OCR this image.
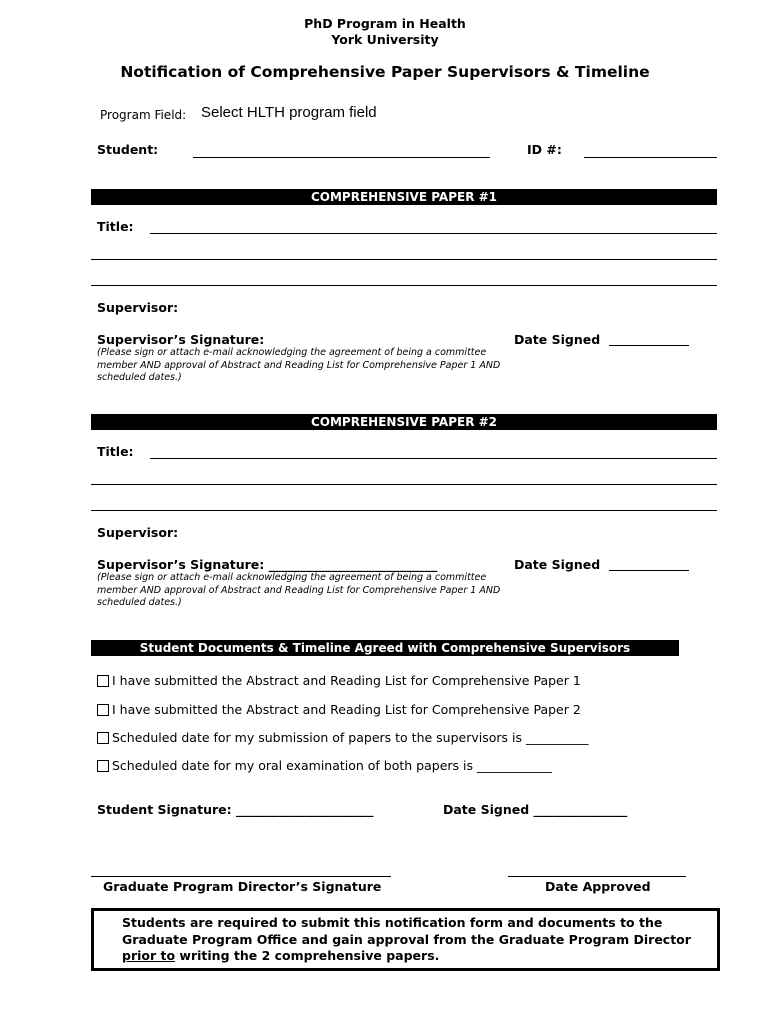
PhD Program in Health
York University
Notification of Comprehensive Paper Supervisors & Timeline
Program Field: Select HLTH program field
Student:	ID #:
COMPREHENSIVE PAPER #1
Title:
Supervisor:
Supervisor’s Signature:	Date Signed
(Please sign or attach e-mail acknowledging the agreement of being a committee member AND approval of Abstract and Reading List for Comprehensive Paper 1 AND scheduled dates.)
COMPREHENSIVE PAPER #2
Title:
Supervisor:
Supervisor’s Signature: ___________________________	Date Signed
(Please sign or attach e-mail acknowledging the agreement of being a committee member AND approval of Abstract and Reading List for Comprehensive Paper 1 AND scheduled dates.)
Student Documents & Timeline Agreed with Comprehensive Supervisors
I have submitted the Abstract and Reading List for Comprehensive Paper 1
I have submitted the Abstract and Reading List for Comprehensive Paper 2
Scheduled date for my submission of papers to the supervisors is __________
Scheduled date for my oral examination of both papers is ____________
Student Signature: ______________________	Date Signed _______________
Graduate Program Director’s Signature	Date Approved
Students are required to submit this notification form and documents to the Graduate Program Office and gain approval from the Graduate Program Director prior to writing the 2 comprehensive papers.
